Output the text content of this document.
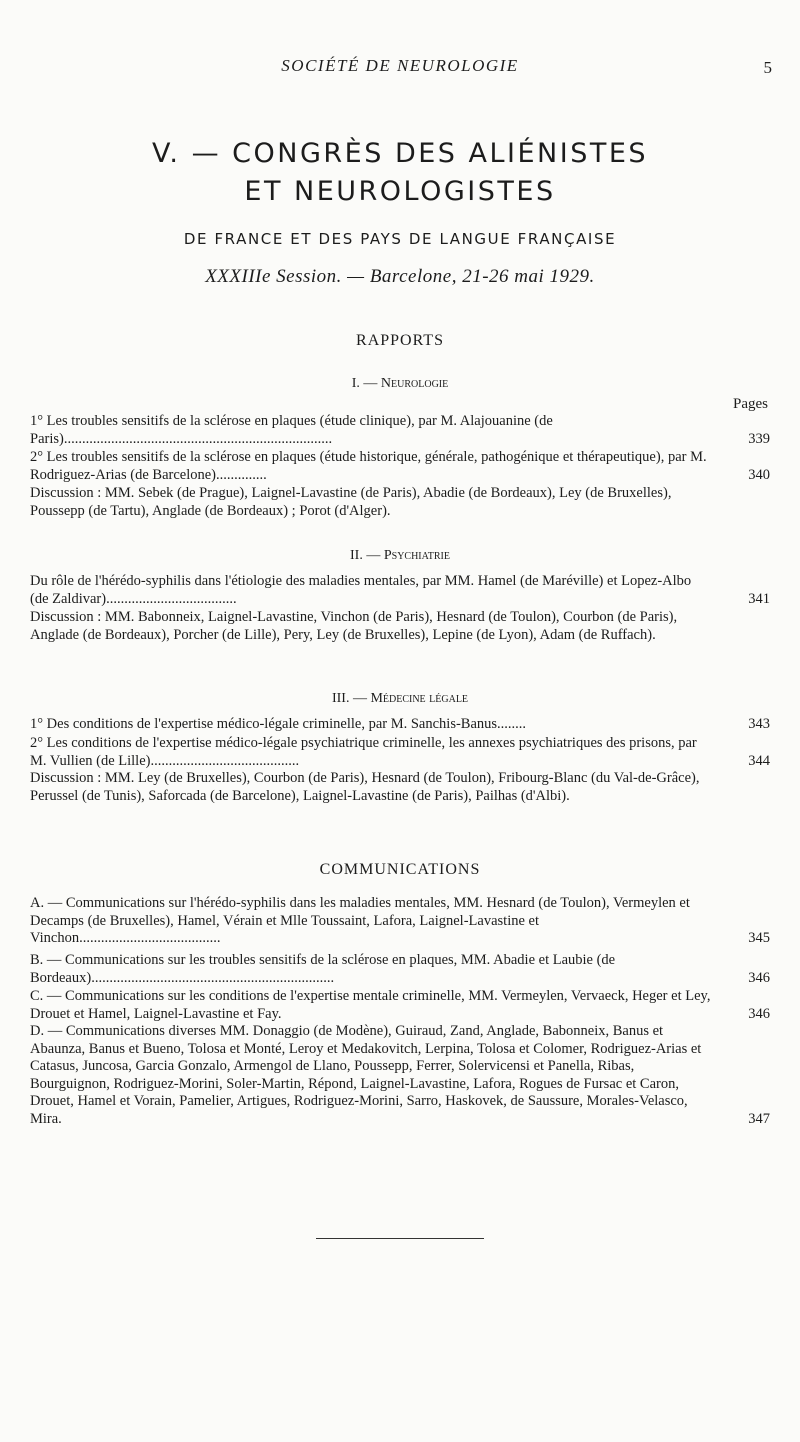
SOCIÉTÉ DE NEUROLOGIE	5
V. — CONGRÈS DES ALIÉNISTES
ET NEUROLOGISTES
DE FRANCE ET DES PAYS DE LANGUE FRANÇAISE
XXXIIIe Session. — Barcelone, 21-26 mai 1929.
RAPPORTS
I. — Neurologie
Pages
1° Les troubles sensitifs de la sclérose en plaques (étude clinique), par M. Alajouanine (de Paris)..........................................................................	339
2° Les troubles sensitifs de la sclérose en plaques (étude historique, générale, pathogénique et thérapeutique), par M. Rodriguez-Arias (de Barcelone)..............	340
Discussion : MM. Sebek (de Prague), Laignel-Lavastine (de Paris), Abadie (de Bordeaux), Ley (de Bruxelles), Poussepp (de Tartu), Anglade (de Bordeaux) ; Porot (d'Alger).
II. — Psychiatrie
Du rôle de l'hérédo-syphilis dans l'étiologie des maladies mentales, par MM. Hamel (de Maréville) et Lopez-Albo (de Zaldivar)....................................	341
Discussion : MM. Babonneix, Laignel-Lavastine, Vinchon (de Paris), Hesnard (de Toulon), Courbon (de Paris), Anglade (de Bordeaux), Porcher (de Lille), Pery, Ley (de Bruxelles), Lepine (de Lyon), Adam (de Ruffach).
III. — Médecine légale
1° Des conditions de l'expertise médico-légale criminelle, par M. Sanchis-Banus........	343
2° Les conditions de l'expertise médico-légale psychiatrique criminelle, les annexes psychiatriques des prisons, par M. Vullien (de Lille).........................................	344
Discussion : MM. Ley (de Bruxelles), Courbon (de Paris), Hesnard (de Toulon), Fribourg-Blanc (du Val-de-Grâce), Perussel (de Tunis), Saforcada (de Barcelone), Laignel-Lavastine (de Paris), Pailhas (d'Albi).
COMMUNICATIONS
A. — Communications sur l'hérédo-syphilis dans les maladies mentales, MM. Hesnard (de Toulon), Vermeylen et Decamps (de Bruxelles), Hamel, Vérain et Mlle Toussaint, Lafora, Laignel-Lavastine et Vinchon.......................................	345
B. — Communications sur les troubles sensitifs de la sclérose en plaques, MM. Abadie et Laubie (de Bordeaux)...................................................................	346
C. — Communications sur les conditions de l'expertise mentale criminelle, MM. Vermeylen, Vervaeck, Heger et Ley, Drouet et Hamel, Laignel-Lavastine et Fay.	346
D. — Communications diverses MM. Donaggio (de Modène), Guiraud, Zand, Anglade, Babonneix, Banus et Abaunza, Banus et Bueno, Tolosa et Monté, Leroy et Medakovitch, Lerpina, Tolosa et Colomer, Rodriguez-Arias et Catasus, Juncosa, Garcia Gonzalo, Armengol de Llano, Poussepp, Ferrer, Solervicensi et Panella, Ribas, Bourguignon, Rodriguez-Morini, Soler-Martin, Répond, Laignel-Lavastine, Lafora, Rogues de Fursac et Caron, Drouet, Hamel et Vorain, Pamelier, Artigues, Rodriguez-Morini, Sarro, Haskovek, de Saussure, Morales-Velasco, Mira.	347
